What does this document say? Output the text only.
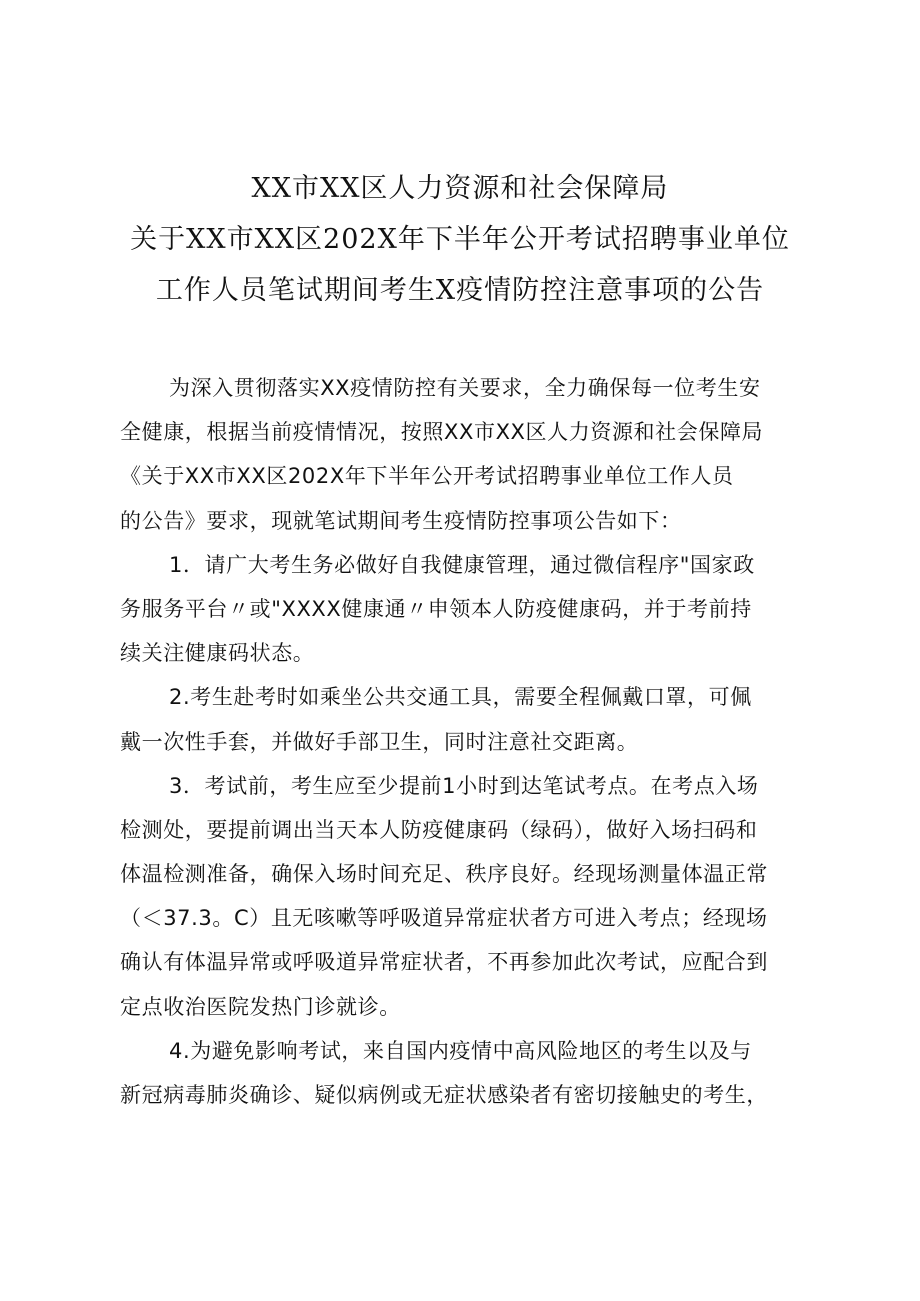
XX市XX区人力资源和社会保障局
关于XX市XX区202X年下半年公开考试招聘事业单位
工作人员笔试期间考生X疫情防控注意事项的公告
为深入贯彻落实XX疫情防控有关要求，全力确保每一位考生安
全健康，根据当前疫情情况，按照XX市XX区人力资源和社会保障局
《关于XX市XX区202X年下半年公开考试招聘事业单位工作人员
的公告》要求，现就笔试期间考生疫情防控事项公告如下：
1．请广大考生务必做好自我健康管理，通过微信程序"国家政
务服务平台〃或"XXXX健康通〃申领本人防疫健康码，并于考前持
续关注健康码状态。
2.考生赴考时如乘坐公共交通工具，需要全程佩戴口罩，可佩
戴一次性手套，并做好手部卫生，同时注意社交距离。
3．考试前，考生应至少提前1小时到达笔试考点。在考点入场
检测处，要提前调出当天本人防疫健康码（绿码），做好入场扫码和
体温检测准备，确保入场时间充足、秩序良好。经现场测量体温正常
（＜37.3。C）且无咳嗽等呼吸道异常症状者方可进入考点；经现场
确认有体温异常或呼吸道异常症状者，不再参加此次考试，应配合到
定点收治医院发热门诊就诊。
4.为避免影响考试，来自国内疫情中高风险地区的考生以及与
新冠病毒肺炎确诊、疑似病例或无症状感染者有密切接触史的考生，
